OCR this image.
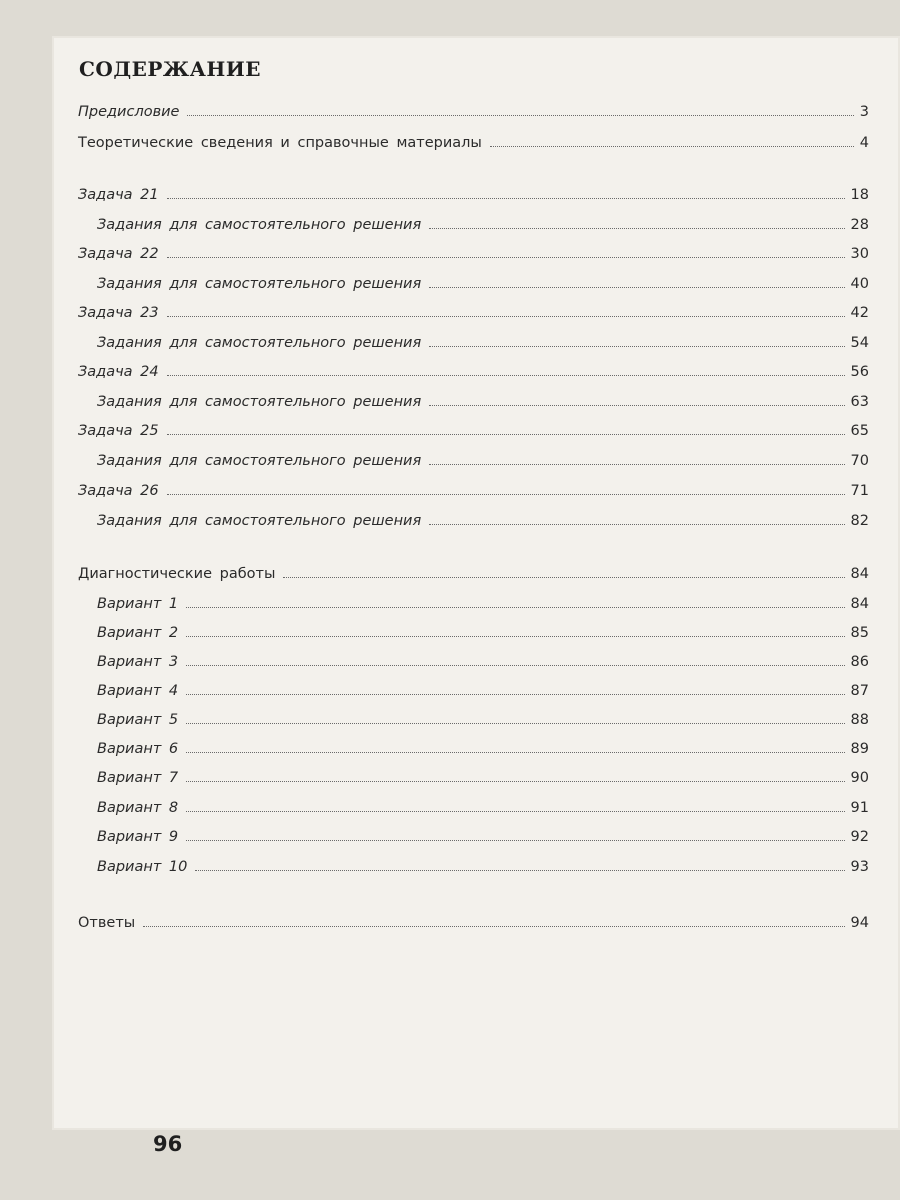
СОДЕРЖАНИЕ
Предисловие	3
Теоретические сведения и справочные материалы	4
Задача 21	18
Задания для самостоятельного решения	28
Задача 22	30
Задания для самостоятельного решения	40
Задача 23	42
Задания для самостоятельного решения	54
Задача 24	56
Задания для самостоятельного решения	63
Задача 25	65
Задания для самостоятельного решения	70
Задача 26	71
Задания для самостоятельного решения	82
Диагностические работы	84
Вариант 1	84
Вариант 2	85
Вариант 3	86
Вариант 4	87
Вариант 5	88
Вариант 6	89
Вариант 7	90
Вариант 8	91
Вариант 9	92
Вариант 10	93
Ответы	94
96
